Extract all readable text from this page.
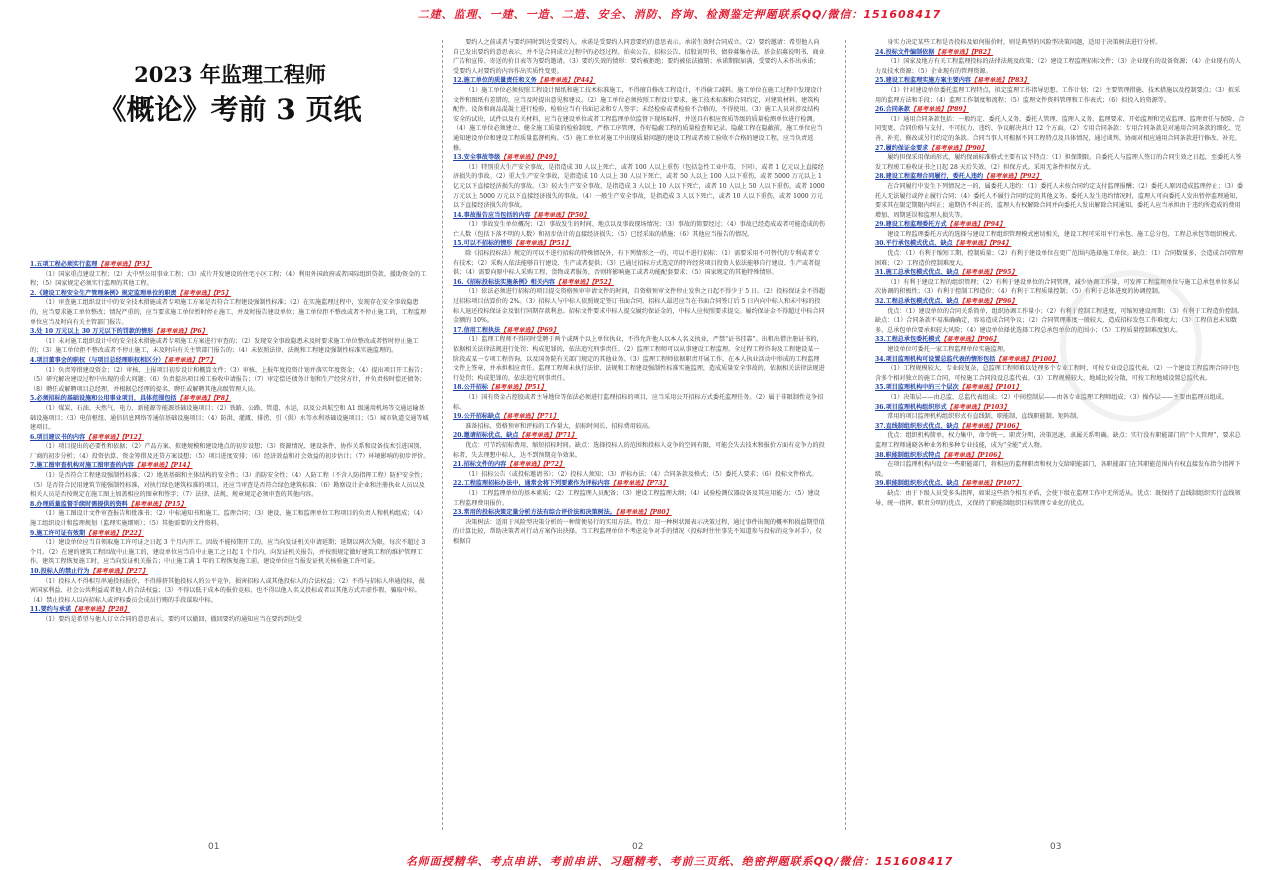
二建、监理、一建、一造、二造、安全、消防、咨询、检测鉴定押题联系QQ/微信：151608417
2023 年监理工程师
《概论》考前 3 页纸
1.五项工程必须实行监理【易考单选】【P3】

（1）国家重点建设工程；（2）大中型公用事业工程；（3）成片开发建设的住宅小区工程；（4）利用外国政府或者国际组织贷款、援助资金的工程；（5）国家规定必须实行监理的其他工程。

2.《建设工程安全生产管理条例》规定监理单位的职责【易考单选】【P5】

（1）审查施工组织设计中的安全技术措施或者专项施工方案是否符合工程建设强制性标准；（2）在实施监理过程中，发现存在安全事故隐患的，应当要求施工单位整改；情况严重的，应当要求施工单位暂时停止施工，并及时报告建设单位；施工单位拒不整改或者不停止施工的，工程监理单位应当及时向有关主管部门报告。

3.处 10 万元以上 30 万元以下的罚款的情形【易考单选】【P6】

（1）未对施工组织设计中的安全技术措施或者专项施工方案进行审查的；（2）发现安全事故隐患未及时要求施工单位整改或者暂时停止施工的；（3）施工单位拒不整改或者不停止施工，未及时向有关主管部门报告的；（4）未依照法律、法规和工程建设强制性标准实施监理的。

4.项目董事会的职权（与项目总经理职权相区分）【易考单选】【P7】

（1）负责筹措建设资金；（2）审核、上报项目初步设计和概算文件；（3）审核、上报年度投资计划并落实年度资金；（4）提出项目开工报告；（5）研究解决建设过程中出现的重大问题；（6）负责提出项目竣工验收申请报告；（7）审定偿还债务计划和生产经营方针，并负责按时偿还债务；（8）聘任或解聘项目总经理，并根据总经理的提名，聘任或解聘其他高级管理人员。

5.必须招标的基础设施和公用事业项目，具体范围包括【易考单选】【P8】

（1）煤炭、石油、天然气、电力、新能源等能源基础设施项目；（2）铁路、公路、管道、水运，以及公共航空和 A1 级通用机场等交通运输基础设施项目；（3）电信枢纽、通信信息网络等通信基础设施项目；（4）防洪、灌溉、排涝、引（供）水等水利基础设施项目；（5）城市轨道交通等城建项目。

6.项目建议书的内容【易考单选】【P12】

（1）项目提出的必要性和依据；（2）产品方案、拟建规模和建设地点的初步设想；（3）资源情况、建设条件、协作关系和设备技术引进国别、厂商的初步分析；（4）投资估算、资金筹措及还贷方案设想；（5）项目进度安排；（6）经济效益和社会效益的初步估计；（7）环境影响的初步评价。

7.施工图审查机构对施工图审查的内容【易考单选】【P14】

（1）是否符合工程建设强制性标准；（2）地基基础和主体结构的安全性；（3）消防安全性；（4）人防工程（不含人防指挥工程）防护安全性；（5）是否符合民用建筑节能强制性标准，对执行绿色建筑标准的项目，还应当审查是否符合绿色建筑标准；（6）勘察设计企业和注册执业人员以及相关人员是否按规定在施工图上加盖相应的图章和签字；（7）法律、法规、规章规定必须审查的其他内容。

8.办理质量监督手续时需提供的资料【易考单选】【P15】

（1）施工图设计文件审查报告和批准书；（2）中标通知书和施工、监理合同；（3）建设、施工和监理单位工程项目的负责人和机构组成；（4）施工组织设计和监理规划（监理实施细则）；（5）其他需要的文件资料。

9.施工许可证有效期【易考单选】【P22】

（1）建设单位应当自领取施工许可证之日起 3 个月内开工。因故不能按期开工的，应当向发证机关申请延期；延期以两次为限，每次不超过 3 个月。（2）在建的建筑工程因故中止施工的，建设单位应当自中止施工之日起 1 个月内，向发证机关报告，并按照规定做好建筑工程的维护管理工作。建筑工程恢复施工时，应当向发证机关报告；中止施工满 1 年的工程恢复施工前，建设单位应当报发证机关核验施工许可证。

10.投标人的禁止行为【易考单选】【P27】

（1）投标人不得相互串通投标报价，不得排挤其他投标人的公平竞争，损害招标人或其他投标人的合法权益；（2）不得与招标人串通投标，损害国家利益、社会公共利益或者他人的合法权益；（3）不得以低于成本的报价竞标，也不得以他人名义投标或者以其他方式弄虚作假，骗取中标。（4）禁止投标人以向招标人或评标委员会成员行贿的手段谋取中标。

11.要约与承诺【易考单选】【P28】

（1）要约是希望与他人订立合同的意思表示，要约可以撤回，撤回要约的通知应当在要约到达受

要约人之前或者与要约同时到达受要约人。承诺是受要约人同意要约的意思表示。承诺生效时合同成立。（2）要约邀请：希望他人向自己发出要约的意思表示，并不是合同成立过程中的必经过程。拍卖公告、招标公告、招股说明书、债券募集办法、基金招募说明书、商业广告和宣传、寄送的价目表等为要约邀请。（3）要约失效的情形：要约被拒绝；要约被依法撤销；承诺期限届满，受要约人未作出承诺；受要约人对要约的内容作出实质性变更。

12.施工单位的质量责任和义务【易考单选】【P44】

（1）施工单位必须按照工程设计图纸和施工技术标准施工，不得擅自修改工程设计，不得偷工减料。施工单位在施工过程中发现设计文件和图纸有差错的，应当及时提出意见和建议。（2）施工单位必须按照工程设计要求、施工技术标准和合同约定，对建筑材料、建筑构配件、设备和商品混凝土进行检验，检验应当有书面记录和专人签字；未经检验或者检验不合格的，不得使用。（3）施工人员对涉及结构安全的试块、试件以及有关材料，应当在建设单位或者工程监理单位监督下现场取样，并送具有相应资质等级的质量检测单位进行检测。（4）施工单位必须建立、健全施工质量的检验制度，严格工序管理，作好隐蔽工程的质量检查和记录。隐蔽工程在隐蔽前，施工单位应当通知建设单位和建设工程质量监督机构。（5）施工单位对施工中出现质量问题的建设工程或者竣工验收不合格的建设工程，应当负责返修。

13.安全事故等级【易考单选】【P49】

（1）特别重大生产安全事故，是指造成 30 人以上死亡，或者 100 人以上重伤（包括急性工业中毒，下同），或者 1 亿元以上直接经济损失的事故。（2）重大生产安全事故，是指造成 10 人以上 30 人以下死亡，或者 50 人以上 100 人以下重伤，或者 5000 万元以上 1 亿元以下直接经济损失的事故。（3）较大生产安全事故，是指造成 3 人以上 10 人以下死亡，或者 10 人以上 50 人以下重伤，或者 1000 万元以上 5000 万元以下直接经济损失的事故。（4）一般生产安全事故，是指造成 3 人以下死亡，或者 10 人以下重伤，或者 1000 万元以下直接经济损失的事故。

14.事故报告应当包括的内容【易考单选】【P50】

（1）事故发生单位概况；（2）事故发生的时间、地点以及事故现场情况；（3）事故的简要经过；（4）事故已经造成或者可能造成的伤亡人数（包括下落不明的人数）和初步估计的直接经济损失；（5）已经采取的措施；（6）其他应当报告的情况。

15.可以不招标的情形【易考单选】【P51】

除《招标投标法》规定的可以不进行招标的特殊情况外，有下列情形之一的，可以不进行招标：（1）需要采用不可替代的专利或者专有技术；（2）采购人依法能够自行建设、生产或者提供；（3）已通过招标方式选定的特许经营项目投资人依法能够自行建设、生产或者提供；（4）需要向原中标人采购工程、货物或者服务，否则将影响施工或者功能配套要求；（5）国家规定的其他特殊情形。

16.《招标投标法实施条例》相关内容【易考单选】【P52】

（1）依法必须进行招标的项目提交资格预审申请文件的时间，自资格预审文件停止发售之日起不得少于 5 日。（2）投标保证金不得超过招标项目估算价的 2%。（3）招标人与中标人依照规定签订书面合同，招标人最迟应当在书面合同签订后 5 日内向中标人和未中标的投标人退还投标保证金及银行同期存款利息。招标文件要求中标人提交履约保证金的，中标人应按照要求提交。履约保证金不得超过中标合同金额的 10%。

17.信用工程执法【易考单选】【P69】

（1）监理工程师不得同时受聘于两个或两个以上单位执业，不得允许他人以本人名义执业，严禁“证书挂靠”。出租出借注册证书的，依据相关法律法规进行处罚；构成犯罪的，依法追究刑事责任。（2）监理工程师可以从事建设工程监理、全过程工程咨询及工程建设某一阶段或某一专项工程咨询，以及国务院有关部门规定的其他业务。（3）监理工程师依据职责开展工作，在本人执业活动中形成的工程监理文件上签章，并承担相应责任。监理工程师未执行法律、法规和工程建设强制性标准实施监理，造成质量安全事故的，依据相关法律法规进行处罚；构成犯罪的，依法追究刑事责任。

18.公开招标【易考单选】【P51】

（1）国有资金占控股或者主导地位等依法必须进行监理招标的项目，应当采用公开招标方式委托监理任务。（2）属于非限制性竞争招标。

19.公开招标缺点【易考单选】【P71】

准备招标、资格预审和评标的工作量大，招标时间长，招标费用较高。

20.邀请招标优点、缺点【易考单选】【P71】

优点：可节约招标费用，缩短招标时间。缺点：选择投标人的范围和投标人竞争的空间有限，可能会失去技术和报价方面有竞争力的投标者，失去理想中标人，达不到预期竞争效果。

21.招标文件的内容【易考单选】【P72】

（1）招标公告（或投标邀请书）；（2）投标人须知；（3）评标办法；（4）合同条款及格式；（5）委托人要求；（6）投标文件格式。

22.工程监理招标办法中，通常会将下列要素作为评标内容【易考单选】【P73】

（1）工程监理单位的基本素质；（2）工程监理人员配备；（3）建设工程监理大纲；（4）试验检测仪器设备及其应用能力；（5）建设工程监理费用报价。

23.常用的投标决策定量分析方法有综合评价法和决策树法。【易考单选】【P80】

决策树法：适用于风险型决策分析的一种简便易行的实用方法。特点：用一种树状图表示决策过程，通过事件出现的概率和损益期望值的计算比较，帮助决策者对行动方案作出抉择。当工程监理单位不考虑竞争对手的情况（投标时往往事先不知道参与投标的竞争对手），仅根据自

身实力决定某些工程是否投标及如何报价时，则是典型的风险型决策问题，适用于决策树法进行分析。

24.投标文件编制依据【易考单选】【P82】

（1）国家及地方有关工程监理投标的法律法规及政策；（2）建设工程监理招标文件；（3）企业现有的设备资源；（4）企业现有的人力及技术资源；（5）企业现有的管理资源。

25.建设工程监理实施方案主要内容【易考单选】【P83】

（1）针对建设单位委托监理工程特点，拟定监理工作指导思想、工作计划；（2）主要管理措施、技术措施以及控制要点；（3）拟采用的监理方法和手段；（4）监理工作制度和流程；（5）监理文件资料管理和工作表式；（6）拟投入的资源等。

26.合同条款【易考单选】【P89】

（1）通用合同条款包括：一般约定、委托人义务、委托人管理、监理人义务、监理要求、开始监理和完成监理、监理责任与保险、合同变更、合同价格与支付、不可抗力、违约、争议解决共计 12 个方面。（2）专用合同条款：专用合同条款是对通用合同条款的细化、完善、补充、修改或另行约定的条款。合同当事人可根据不同工程特点及具体情况，通过谈判、协商对相应通用合同条款进行修改、补充。

27.履约保证金要求【易考单选】【P90】

履约担保采用保函形式，履约保函标准格式主要有以下特点：（1）担保期限。自委托人与监理人签订的合同生效之日起，至委托人签发工程竣工验收证书之日起 28 天后失效。（2）担保方式。采用无条件担保方式。

28.建设工程监理合同履行，委托人违约【易考单选】【P92】

在合同履行中发生下列情况之一的，属委托人违约：（1）委托人未按合同约定支付监理报酬；（2）委托人原因造成监理停止；（3）委托人无法履行或停止履行合同；（4）委托人不履行合同约定的其他义务。委托人发生违约情况时，监理人可向委托人发出暂停监理通知，要求其在限定期限内纠正；逾期仍不纠正的，监理人有权解除合同并向委托人发出解除合同通知。委托人应当承担由于违约所造成的费用增加、周期延误和监理人损失等。

29.建设工程监理委托方式【易考单选】【P94】

建设工程监理委托方式的选择与建设工程组织管理模式密切相关，建设工程可采用平行承包、施工总分包、工程总承包等组织模式。

30.平行承包模式优点、缺点【易考单选】【P94】

优点：（1）有利于缩短工期、控制质量；（2）有利于建设单位在更广范围内选择施工单位。缺点：（1）合同数量多，会造成合同管理困难；（2）工程造价控制难度大。

31.施工总承包模式优点、缺点【易考单选】【P95】

（1）有利于建设工程的组织管理；（2）有利于建设单位的合同管理，减少协调工作量，可发挥工程监理单位与施工总承包单位多层次协调的积极性；（3）有利于控制工程造价；（4）有利于工程质量控制；（5）有利于总体进度的协调控制。

32.工程总承包模式优点、缺点【易考单选】【P96】

优点：（1）建设单位的合同关系简单，组织协调工作量小；（2）有利于控制工程进度，可缩短建设周期；（3）有利于工程造价控制。缺点：（1）合同条款不易准确确定，容易造成合同争议；（2）合同管理难度一般较大，造成招标发包工作难度大；（3）工程信息未知数多，总承包单位要承担较大风险；（4）建设单位择优选择工程总承包单位的范围小；（5）工程质量控制难度加大。

33.工程总承包委托模式【易考单选】【P96】

建设单位可委托一家工程监理单位实施监理。

34.项目监理机构可设置总监代表的情形包括【易考单选】【P100】

（1）工程规模较大，专业较复杂，总监理工程师难以处理多个专业工程时，可按专业设总监代表。（2）一个建设工程监理合同中包含多个相对独立的施工合同，可按施工合同段设总监代表。（3）工程规模较大、地域比较分散，可按工程地域设置总监代表。

35.项目监理机构中的三个层次【易考单选】【P101】

（1）决策层——由总监、总监代表组成；（2）中间控制层——由各专业监理工程师组成；（3）操作层——主要由监理员组成。

36.项目监理机构组织形式【易考单选】【P103】

常用的项目监理机构组织形式有直线制、职能制、直线职能制、矩阵制。

37.直线制组织形式优点、缺点【易考单选】【P106】

优点：组织机构简单，权力集中，命令统一，职责分明，决策迅速，隶属关系明确。缺点：实行没有职能部门的“个人管理”，要求总监理工程师通晓各种业务和多种专业技能，成为“全能”式人物。

38.职能制组织形式特点【易考单选】【P106】

在项目监理机构内设立一些职能部门，将相应的监理职责和权力交给职能部门，各职能部门在其职能范围内有权直接发布指令指挥下级。

39.职能制组织形式优点、缺点【易考单选】【P107】

缺点：由于下级人员受多头指挥，如果这些指令相互矛盾，会使下级在监理工作中无所适从。优点：既保持了直线制组织实行直线领导、统一指挥、职责分明的优点，又保持了职能制组织目标管理专业化的优点。

01	02	03
名师面授精华、考点串讲、考前串讲、习题精考、考前三页纸、绝密押题联系QQ/微信：151608417
